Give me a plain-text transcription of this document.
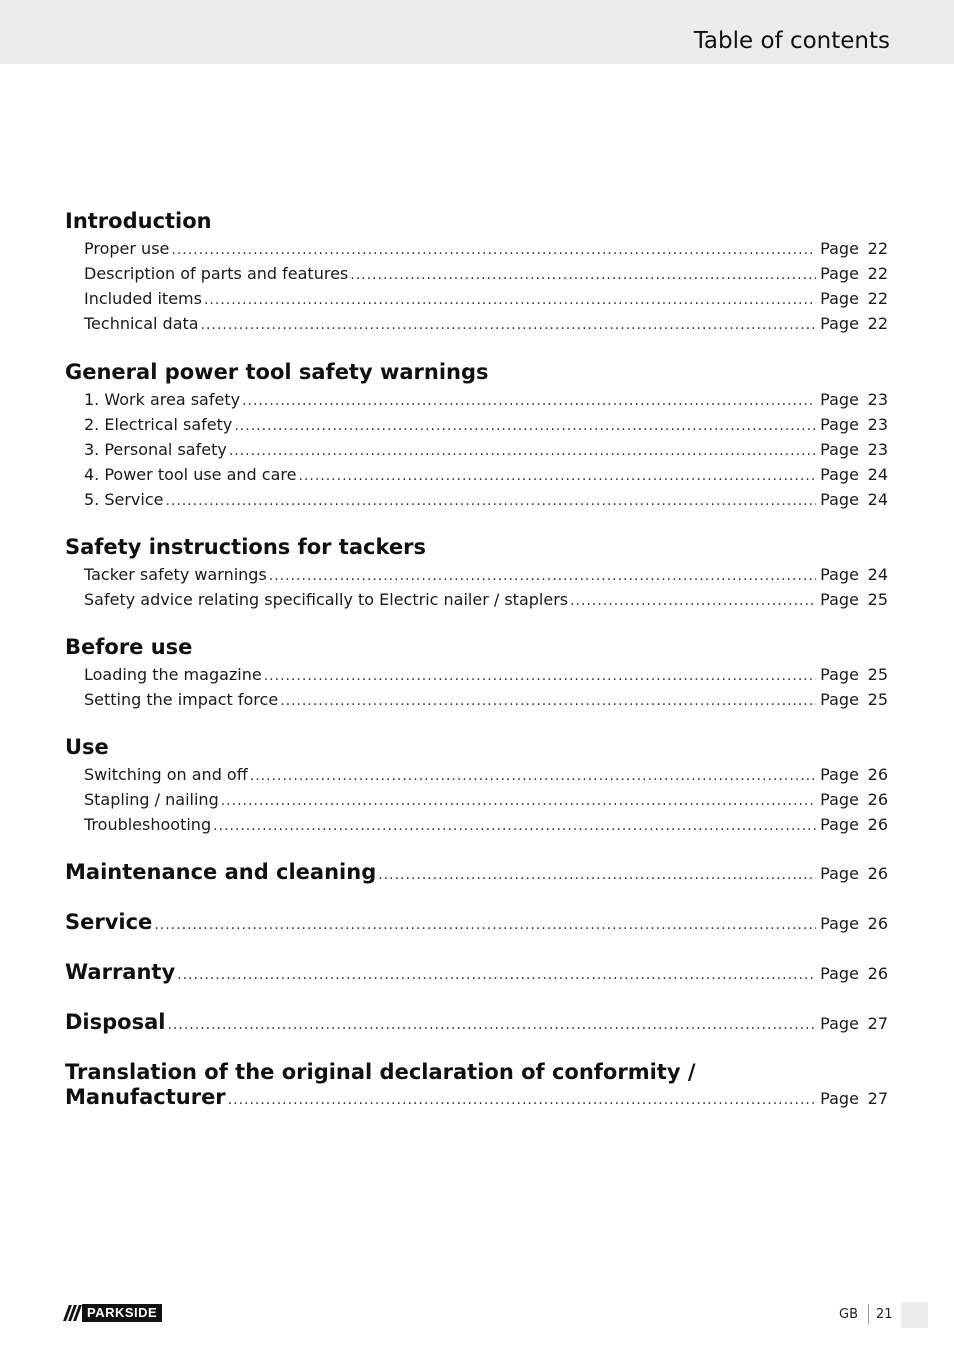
Table of contents
Introduction
Proper use .....	Page 22
Description of parts and features .....	Page 22
Included items .....	Page 22
Technical data .....	Page 22
General power tool safety warnings
1. Work area safety .....	Page 23
2. Electrical safety .....	Page 23
3. Personal safety .....	Page 23
4. Power tool use and care .....	Page 24
5. Service .....	Page 24
Safety instructions for tackers
Tacker safety warnings .....	Page 24
Safety advice relating specifically to Electric nailer / staplers .....	Page 25
Before use
Loading the magazine .....	Page 25
Setting the impact force .....	Page 25
Use
Switching on and off .....	Page 26
Stapling / nailing .....	Page 26
Troubleshooting .....	Page 26
Maintenance and cleaning .....	Page 26
Service .....	Page 26
Warranty .....	Page 26
Disposal .....	Page 27
Translation of the original declaration of conformity /
Manufacturer .....	Page 27
PARKSIDE	GB 21
